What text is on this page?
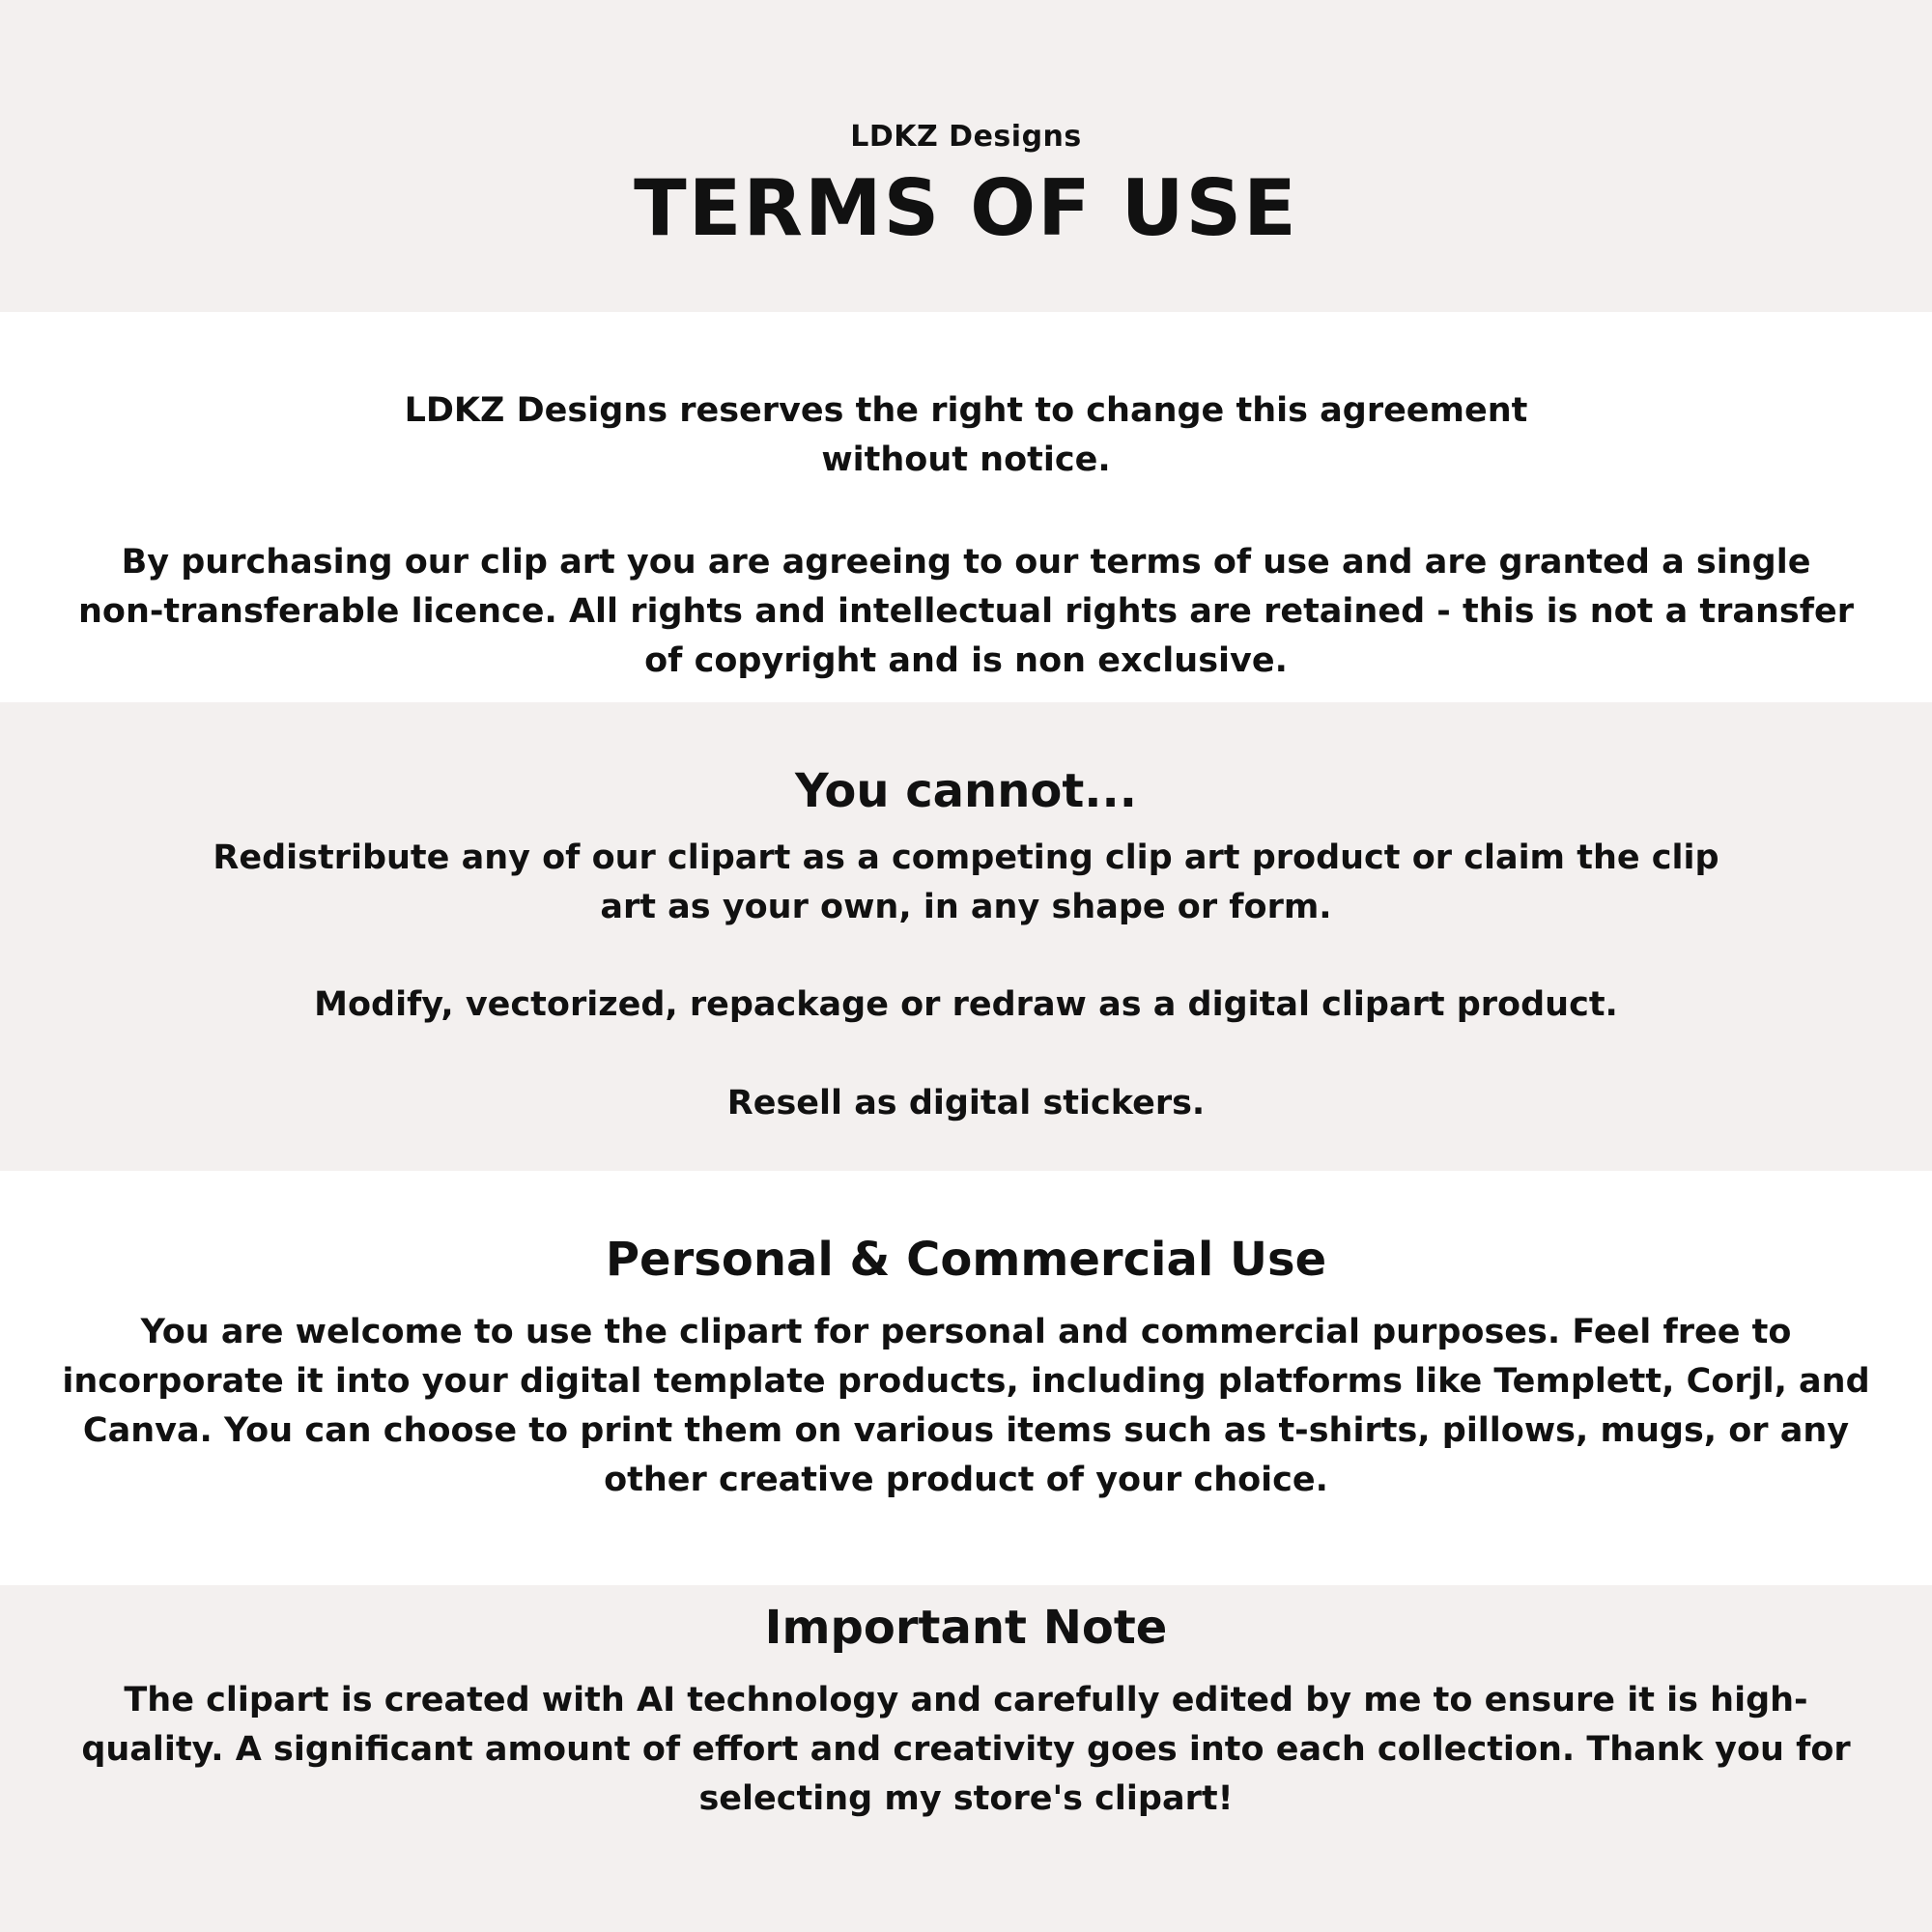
LDKZ Designs
TERMS OF USE

LDKZ Designs reserves the right to change this agreement without notice.

By purchasing our clip art you are agreeing to our terms of use and are granted a single non-transferable licence. All rights and intellectual rights are retained - this is not a transfer of copyright and is non exclusive.

You cannot...

Redistribute any of our clipart as a competing clip art product or claim the clip art as your own, in any shape or form.

Modify, vectorized, repackage or redraw as a digital clipart product.

Resell as digital stickers.

Personal & Commercial Use

You are welcome to use the clipart for personal and commercial purposes. Feel free to incorporate it into your digital template products, including platforms like Templett, Corjl, and Canva. You can choose to print them on various items such as t-shirts, pillows, mugs, or any other creative product of your choice.

Important Note

The clipart is created with AI technology and carefully edited by me to ensure it is high-quality. A significant amount of effort and creativity goes into each collection. Thank you for selecting my store's clipart!
